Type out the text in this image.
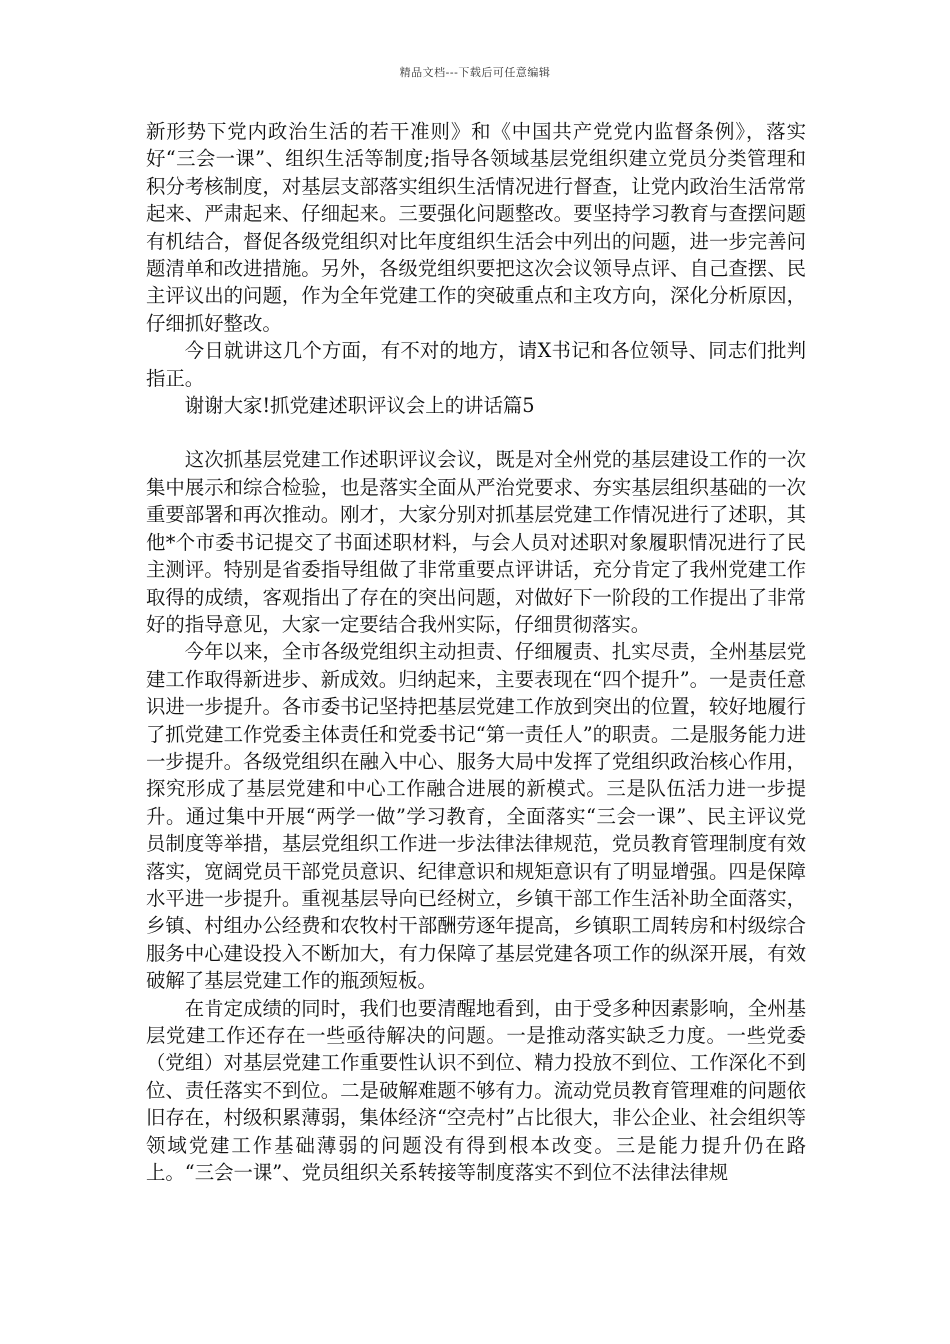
精品文档---下载后可任意编辑

新形势下党内政治生活的若干准则》和《中国共产党党内监督条例》，落实好“三会一课”、组织生活等制度;指导各领域基层党组织建立党员分类管理和积分考核制度，对基层支部落实组织生活情况进行督查，让党内政治生活常常起来、严肃起来、仔细起来。三要强化问题整改。要坚持学习教育与查摆问题有机结合，督促各级党组织对比年度组织生活会中列出的问题，进一步完善问题清单和改进措施。另外，各级党组织要把这次会议领导点评、自己查摆、民主评议出的问题，作为全年党建工作的突破重点和主攻方向，深化分析原因，仔细抓好整改。

今日就讲这几个方面，有不对的地方，请X书记和各位领导、同志们批判指正。

谢谢大家!抓党建述职评议会上的讲话篇5

这次抓基层党建工作述职评议会议，既是对全州党的基层建设工作的一次集中展示和综合检验，也是落实全面从严治党要求、夯实基层组织基础的一次重要部署和再次推动。刚才，大家分别对抓基层党建工作情况进行了述职，其他*个市委书记提交了书面述职材料，与会人员对述职对象履职情况进行了民主测评。特别是省委指导组做了非常重要点评讲话，充分肯定了我州党建工作取得的成绩，客观指出了存在的突出问题，对做好下一阶段的工作提出了非常好的指导意见，大家一定要结合我州实际，仔细贯彻落实。

今年以来，全市各级党组织主动担责、仔细履责、扎实尽责，全州基层党建工作取得新进步、新成效。归纳起来，主要表现在“四个提升”。一是责任意识进一步提升。各市委书记坚持把基层党建工作放到突出的位置，较好地履行了抓党建工作党委主体责任和党委书记“第一责任人”的职责。二是服务能力进一步提升。各级党组织在融入中心、服务大局中发挥了党组织政治核心作用，探究形成了基层党建和中心工作融合进展的新模式。三是队伍活力进一步提升。通过集中开展“两学一做”学习教育，全面落实“三会一课”、民主评议党员制度等举措，基层党组织工作进一步法律法律规范，党员教育管理制度有效落实，宽阔党员干部党员意识、纪律意识和规矩意识有了明显增强。四是保障水平进一步提升。重视基层导向已经树立，乡镇干部工作生活补助全面落实，乡镇、村组办公经费和农牧村干部酬劳逐年提高，乡镇职工周转房和村级综合服务中心建设投入不断加大，有力保障了基层党建各项工作的纵深开展，有效破解了基层党建工作的瓶颈短板。

在肯定成绩的同时，我们也要清醒地看到，由于受多种因素影响，全州基层党建工作还存在一些亟待解决的问题。一是推动落实缺乏力度。一些党委（党组）对基层党建工作重要性认识不到位、精力投放不到位、工作深化不到位、责任落实不到位。二是破解难题不够有力。流动党员教育管理难的问题依旧存在，村级积累薄弱，集体经济“空壳村”占比很大，非公企业、社会组织等领域党建工作基础薄弱的问题没有得到根本改变。三是能力提升仍在路上。“三会一课”、党员组织关系转接等制度落实不到位不法律法律规
